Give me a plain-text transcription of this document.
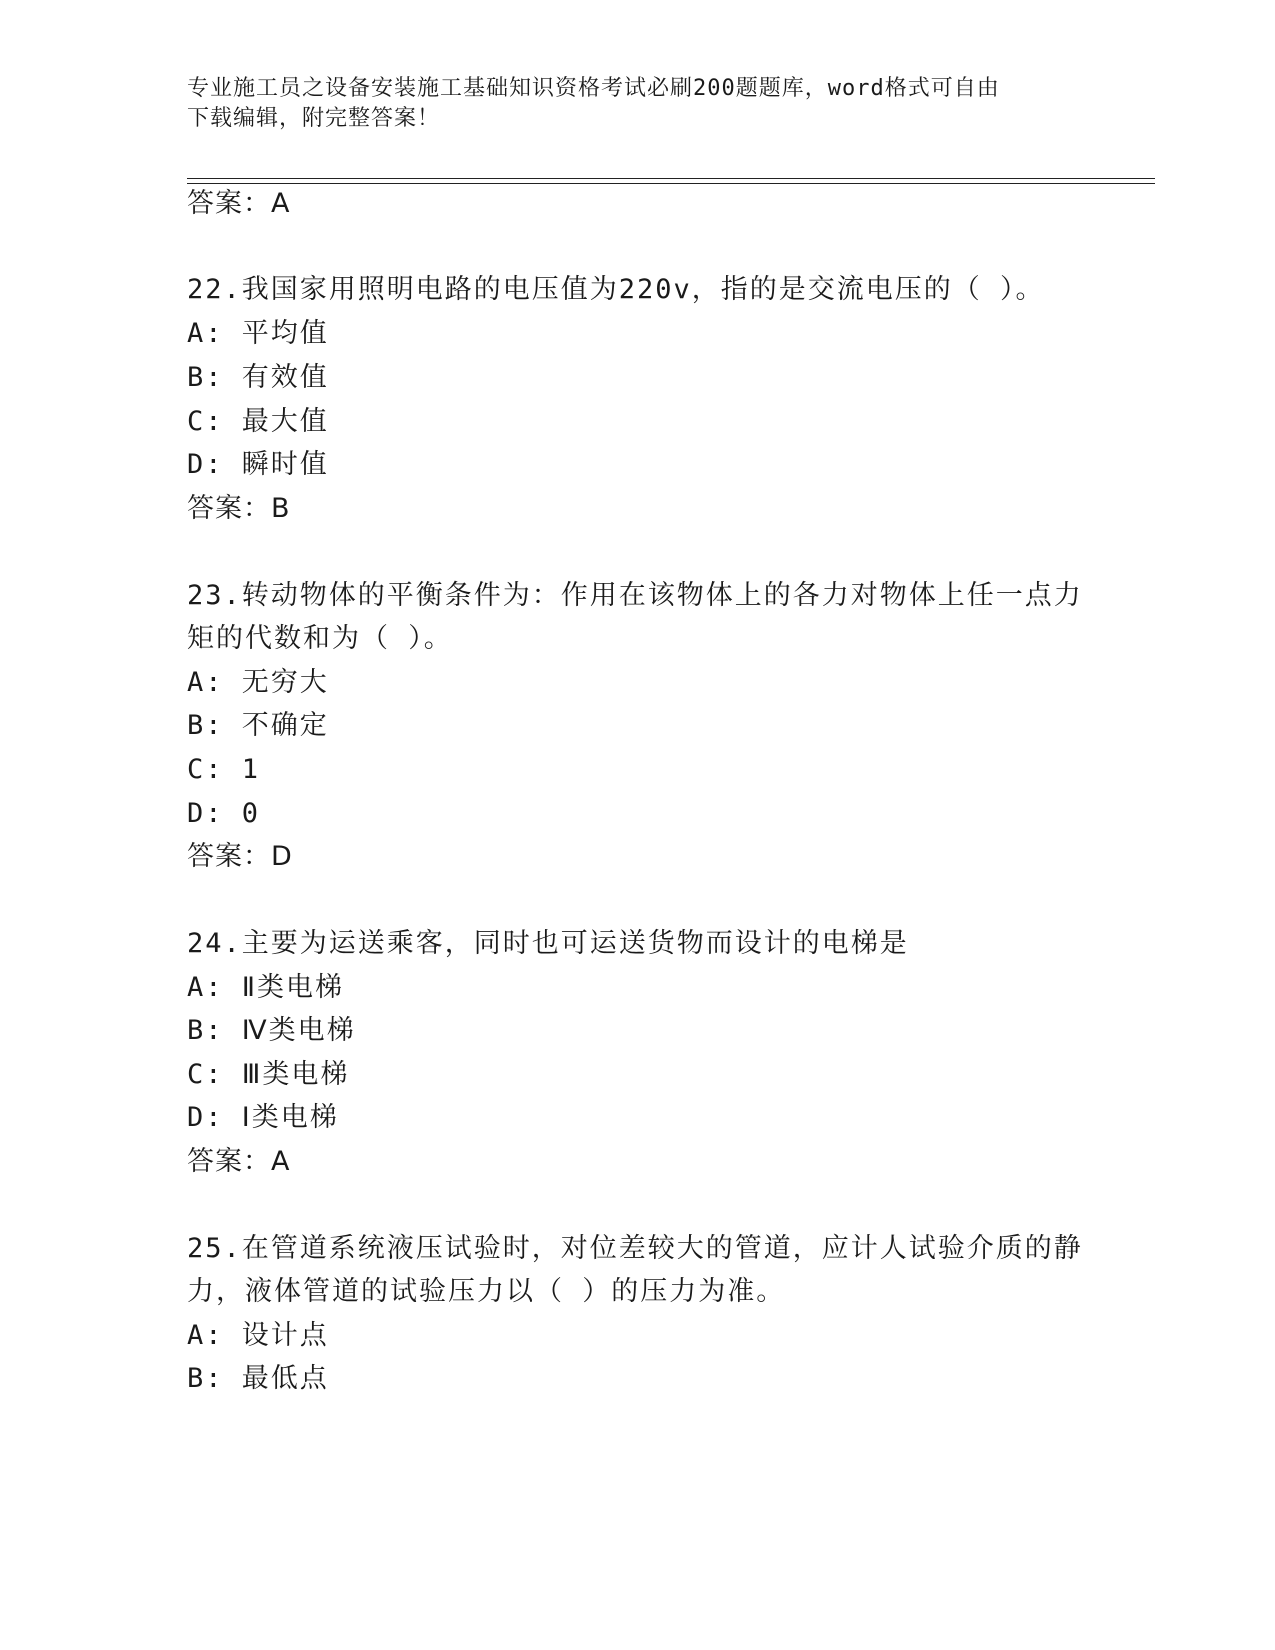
专业施工员之设备安装施工基础知识资格考试必刷200题题库，word格式可自由
下载编辑，附完整答案！
答案：A
22.我国家用照明电路的电压值为220v，指的是交流电压的（ ）。
A: 平均值
B: 有效值
C: 最大值
D: 瞬时值
答案：B
23.转动物体的平衡条件为：作用在该物体上的各力对物体上任一点力
矩的代数和为（ ）。
A: 无穷大
B: 不确定
C: 1
D: 0
答案：D
24.主要为运送乘客，同时也可运送货物而设计的电梯是
A: Ⅱ类电梯
B: Ⅳ类电梯
C: Ⅲ类电梯
D: Ⅰ类电梯
答案：A
25.在管道系统液压试验时，对位差较大的管道，应计人试验介质的静
力，液体管道的试验压力以（ ）的压力为准。
A: 设计点
B: 最低点
